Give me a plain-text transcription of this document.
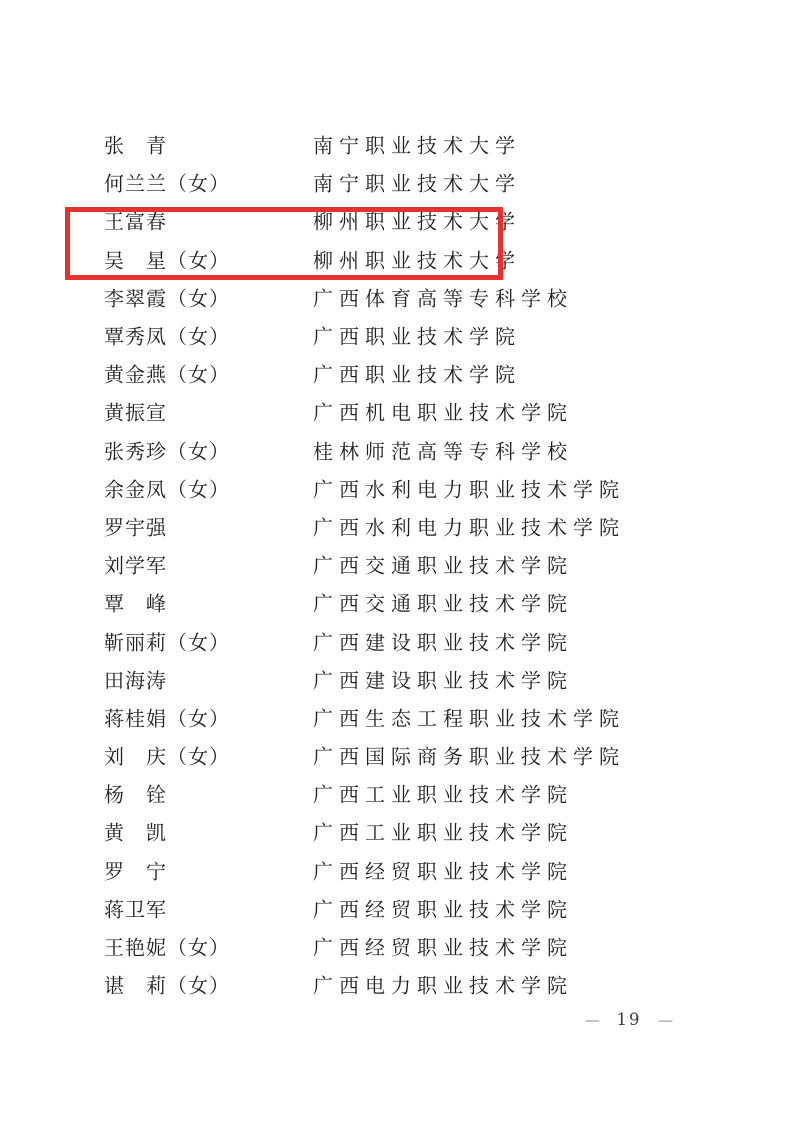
张　青	南宁职业技术大学
何兰兰（女）	南宁职业技术大学
王富春	柳州职业技术大学
吴　星（女）	柳州职业技术大学
李翠霞（女）	广西体育高等专科学校
覃秀凤（女）	广西职业技术学院
黄金燕（女）	广西职业技术学院
黄振宣	广西机电职业技术学院
张秀珍（女）	桂林师范高等专科学校
余金凤（女）	广西水利电力职业技术学院
罗宇强	广西水利电力职业技术学院
刘学军	广西交通职业技术学院
覃　峰	广西交通职业技术学院
靳丽莉（女）	广西建设职业技术学院
田海涛	广西建设职业技术学院
蒋桂娟（女）	广西生态工程职业技术学院
刘　庆（女）	广西国际商务职业技术学院
杨　铨	广西工业职业技术学院
黄　凯	广西工业职业技术学院
罗　宁	广西经贸职业技术学院
蒋卫军	广西经贸职业技术学院
王艳妮（女）	广西经贸职业技术学院
谌　莉（女）	广西电力职业技术学院
— 19 —
